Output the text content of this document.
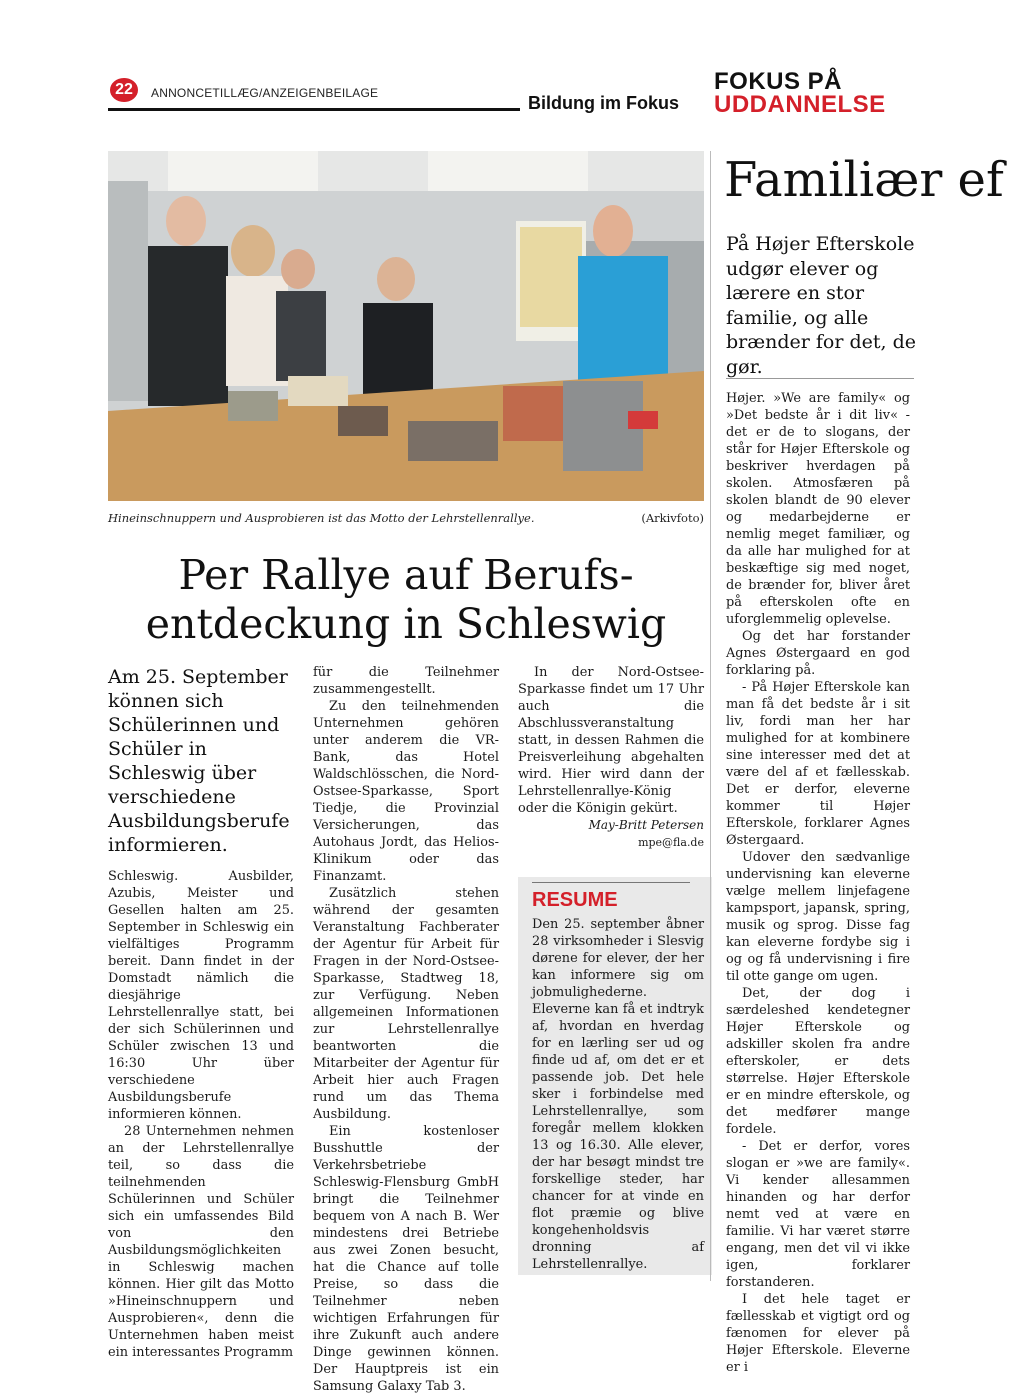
22	ANNONCETILLÆG/ANZEIGENBEILAGE	Bildung im Fokus
FOKUS PÅ
UDDANNELSE
Hineinschnuppern und Ausprobieren ist das Motto der Lehrstellenrallye.	(Arkivfoto)
Per Rallye auf Berufs-entdeckung in Schleswig
Am 25. September können sich Schülerinnen und Schüler in Schleswig über verschiedene Ausbildungsberufe informieren.

Schleswig. Ausbilder, Azubis, Meister und Gesellen halten am 25. September in Schleswig ein vielfältiges Programm bereit. Dann findet in der Domstadt nämlich die diesjährige Lehrstellenrallye statt, bei der sich Schülerinnen und Schüler zwischen 13 und 16:30 Uhr über verschiedene Ausbildungsberufe informieren können.

28 Unternehmen nehmen an der Lehrstellenrallye teil, so dass die teilnehmenden Schülerinnen und Schüler sich ein umfassendes Bild von den Ausbildungsmöglichkeiten in Schleswig machen können. Hier gilt das Motto »Hineinschnuppern und Ausprobieren«, denn die Unternehmen haben meist ein interessantes Programm

für die Teilnehmer zusammengestellt.

Zu den teilnehmenden Unternehmen gehören unter anderem die VR-Bank, das Hotel Waldschlösschen, die Nord-Ostsee-Sparkasse, Sport Tiedje, die Provinzial Versicherungen, das Autohaus Jordt, das Helios-Klinikum oder das Finanzamt.

Zusätzlich stehen während der gesamten Veranstaltung Fachberater der Agentur für Arbeit für Fragen in der Nord-Ostsee-Sparkasse, Stadtweg 18, zur Verfügung. Neben allgemeinen Informationen zur Lehrstellenrallye beantworten die Mitarbeiter der Agentur für Arbeit hier auch Fragen rund um das Thema Ausbildung.

Ein kostenloser Busshuttle der Verkehrsbetriebe Schleswig-Flensburg GmbH bringt die Teilnehmer bequem von A nach B. Wer mindestens drei Betriebe aus zwei Zonen besucht, hat die Chance auf tolle Preise, so dass die Teilnehmer neben wichtigen Erfahrungen für ihre Zukunft auch andere Dinge gewinnen können. Der Hauptpreis ist ein Samsung Galaxy Tab 3.

In der Nord-Ostsee-Sparkasse findet um 17 Uhr auch die Abschlussveranstaltung statt, in dessen Rahmen die Preisverleihung abgehalten wird. Hier wird dann der Lehrstellenrallye-König oder die Königin gekürt.

May-Britt Petersen
mpe@fla.de
RESUME
Den 25. september åbner 28 virksomheder i Slesvig dørene for elever, der her kan informere sig om jobmulighederne. Eleverne kan få et indtryk af, hvordan en hverdag for en lærling ser ud og finde ud af, om det er et passende job. Det hele sker i forbindelse med Lehrstellenrallye, som foregår mellem klokken 13 og 16.30. Alle elever, der har besøgt mindst tre forskellige steder, har chancer for at vinde en flot præmie og blive kongehenholdsvis dronning af Lehrstellenrallye.
Familiær ef
På Højer Efterskole udgør elever og lærere en stor familie, og alle brænder for det, de gør.

Højer. »We are family« og »Det bedste år i dit liv« - det er de to slogans, der står for Højer Efterskole og beskriver hverdagen på skolen. Atmosfæren på skolen blandt de 90 elever og medarbejderne er nemlig meget familiær, og da alle har mulighed for at beskæftige sig med noget, de brænder for, bliver året på efterskolen ofte en uforglemmelig oplevelse.

Og det har forstander Agnes Østergaard en god forklaring på.

- På Højer Efterskole kan man få det bedste år i sit liv, fordi man her har mulighed for at kombinere sine interesser med det at være del af et fællesskab. Det er derfor, eleverne kommer til Højer Efterskole, forklarer Agnes Østergaard.

Udover den sædvanlige undervisning kan eleverne vælge mellem linjefagene kampsport, japansk, spring, musik og sprog. Disse fag kan eleverne fordybe sig i og og få undervisning i fire til otte gange om ugen.

Det, der dog i særdeleshed kendetegner Højer Efterskole og adskiller skolen fra andre efterskoler, er dets størrelse. Højer Efterskole er en mindre efterskole, og det medfører mange fordele.

- Det er derfor, vores slogan er »we are family«. Vi kender allesammen hinanden og har derfor nemt ved at være en familie. Vi har været større engang, men det vil vi ikke igen, forklarer forstanderen.

I det hele taget er fællesskab et vigtigt ord og fænomen for elever på Højer Efterskole. Eleverne er i
